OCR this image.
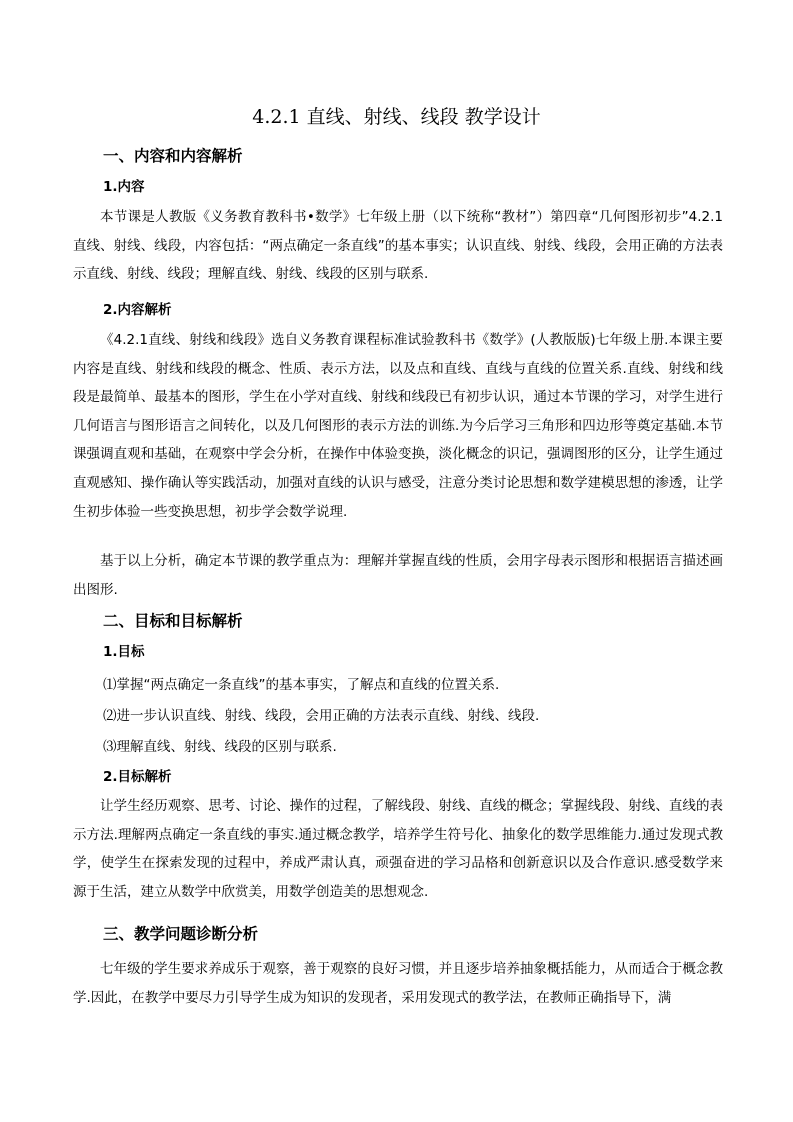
4.2.1 直线、射线、线段 教学设计
一、内容和内容解析
1.内容
本节课是人教版《义务教育教科书•数学》七年级上册（以下统称“教材”）第四章“几何图形初步”4.2.1 直线、射线、线段，内容包括：“两点确定一条直线”的基本事实；认识直线、射线、线段，会用正确的方法表示直线、射线、线段；理解直线、射线、线段的区别与联系.
2.内容解析
《4.2.1直线、射线和线段》选自义务教育课程标准试验教科书《数学》(人教版版)七年级上册.本课主要内容是直线、射线和线段的概念、性质、表示方法，以及点和直线、直线与直线的位置关系.直线、射线和线段是最简单、最基本的图形，学生在小学对直线、射线和线段已有初步认识，通过本节课的学习，对学生进行几何语言与图形语言之间转化，以及几何图形的表示方法的训练.为今后学习三角形和四边形等奠定基础.本节课强调直观和基础，在观察中学会分析，在操作中体验变换，淡化概念的识记，强调图形的区分，让学生通过直观感知、操作确认等实践活动，加强对直线的认识与感受，注意分类讨论思想和数学建模思想的渗透，让学生初步体验一些变换思想，初步学会数学说理.
基于以上分析，确定本节课的教学重点为：理解并掌握直线的性质，会用字母表示图形和根据语言描述画出图形.
二、目标和目标解析
1.目标
⑴掌握“两点确定一条直线”的基本事实，了解点和直线的位置关系.
⑵进一步认识直线、射线、线段，会用正确的方法表示直线、射线、线段.
⑶理解直线、射线、线段的区别与联系.
2.目标解析
让学生经历观察、思考、讨论、操作的过程，了解线段、射线、直线的概念；掌握线段、射线、直线的表示方法.理解两点确定一条直线的事实.通过概念教学，培养学生符号化、抽象化的数学思维能力.通过发现式教学，使学生在探索发现的过程中，养成严肃认真，顽强奋进的学习品格和创新意识以及合作意识.感受数学来源于生活，建立从数学中欣赏美，用数学创造美的思想观念.
三、教学问题诊断分析
七年级的学生要求养成乐于观察，善于观察的良好习惯，并且逐步培养抽象概括能力，从而适合于概念教学.因此，在教学中要尽力引导学生成为知识的发现者，采用发现式的教学法，在教师正确指导下，满
